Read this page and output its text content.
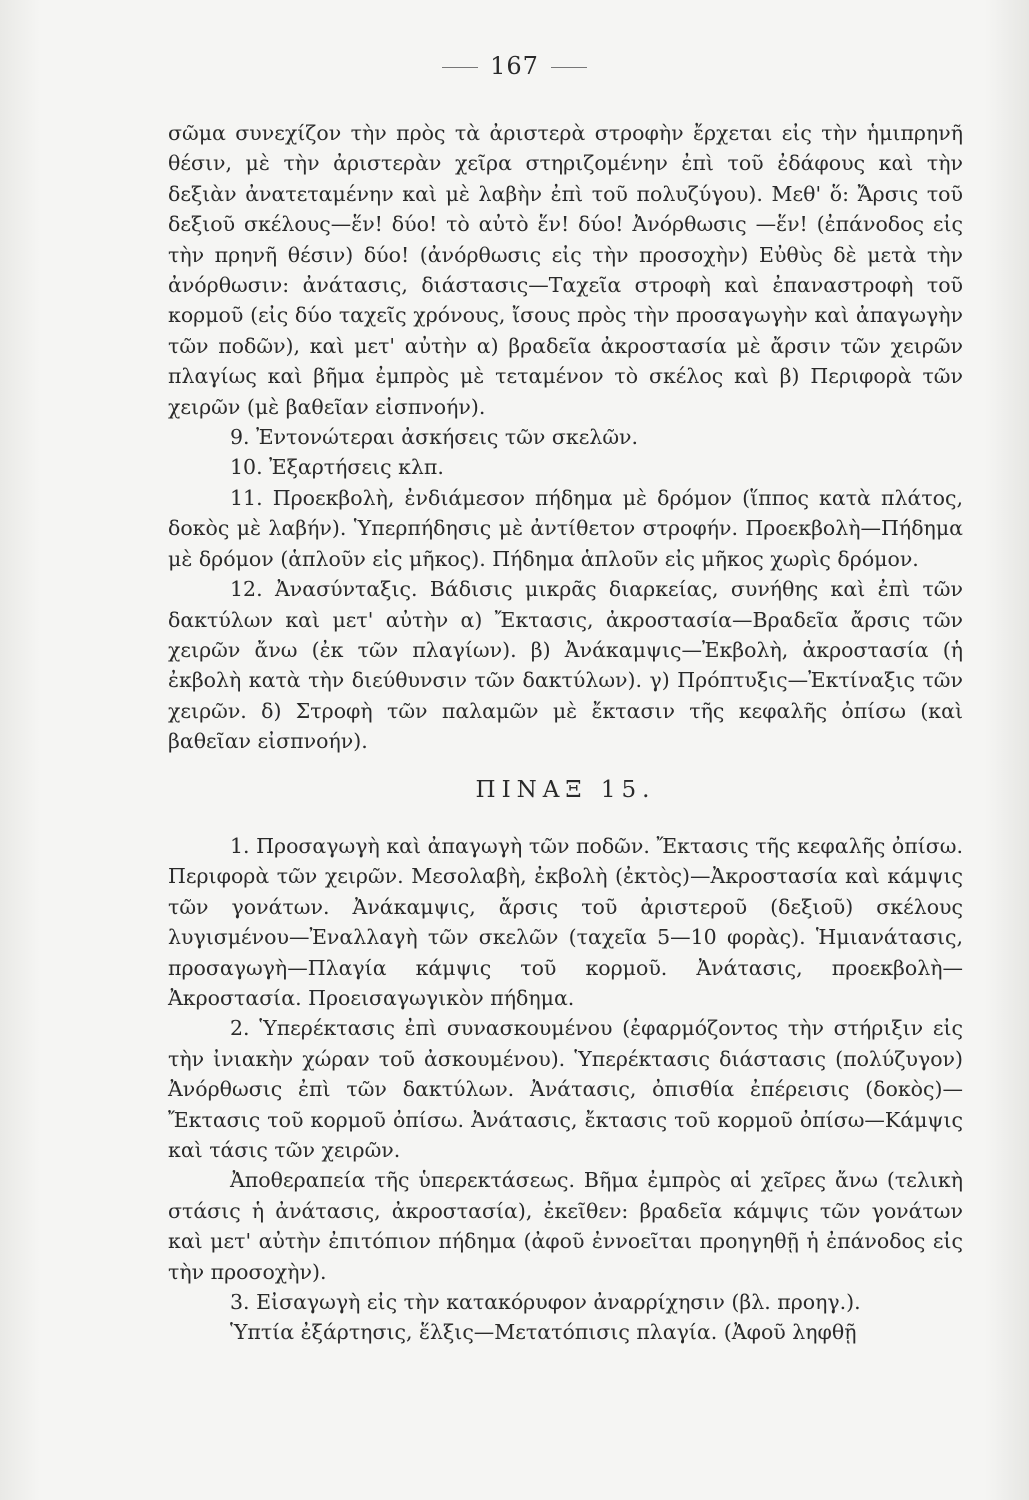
167

σῶμα συνεχίζον τὴν πρὸς τὰ ἀριστερὰ στροφὴν ἔρχεται εἰς τὴν ἡμιπρηνῆ θέσιν, μὲ τὴν ἀριστερὰν χεῖρα στηριζομένην ἐπὶ τοῦ ἐδάφους καὶ τὴν δεξιὰν ἀνατεταμένην καὶ μὲ λαβὴν ἐπὶ τοῦ πολυζύγου). Μεθ' ὅ: Ἄρσις τοῦ δεξιοῦ σκέλους—ἕν! δύο! τὸ αὐτὸ ἕν! δύο! Ἀνόρθωσις —ἕν! (ἐπάνοδος εἰς τὴν πρηνῆ θέσιν) δύο! (ἀνόρθωσις εἰς τὴν προσοχὴν) Εὐθὺς δὲ μετὰ τὴν ἀνόρθωσιν: ἀνάτασις, διάστασις—Ταχεῖα στροφὴ καὶ ἐπαναστροφὴ τοῦ κορμοῦ (εἰς δύο ταχεῖς χρόνους, ἴσους πρὸς τὴν προσαγωγὴν καὶ ἀπαγωγὴν τῶν ποδῶν), καὶ μετ' αὐτὴν α) βραδεῖα ἀκροστασία μὲ ἄρσιν τῶν χειρῶν πλαγίως καὶ βῆμα ἐμπρὸς μὲ τεταμένον τὸ σκέλος καὶ β) Περιφορὰ τῶν χειρῶν (μὲ βαθεῖαν εἰσπνοήν).

9. Ἐντονώτεραι ἀσκήσεις τῶν σκελῶν.

10. Ἐξαρτήσεις κλπ.

11. Προεκβολὴ, ἐνδιάμεσον πήδημα μὲ δρόμον (ἵππος κατὰ πλάτος, δοκὸς μὲ λαβήν). Ὑπερπήδησις μὲ ἀντίθετον στροφήν. Προεκβολὴ—Πήδημα μὲ δρόμον (ἁπλοῦν εἰς μῆκος). Πήδημα ἁπλοῦν εἰς μῆκος χωρὶς δρόμον.

12. Ἀνασύνταξις. Βάδισις μικρᾶς διαρκείας, συνήθης καὶ ἐπὶ τῶν δακτύλων καὶ μετ' αὐτὴν α) Ἔκτασις, ἀκροστασία—Βραδεῖα ἄρσις τῶν χειρῶν ἄνω (ἐκ τῶν πλαγίων). β) Ἀνάκαμψις—Ἐκβολὴ, ἀκροστασία (ἡ ἐκβολὴ κατὰ τὴν διεύθυνσιν τῶν δακτύλων). γ) Πρόπτυξις—Ἐκτίναξις τῶν χειρῶν. δ) Στροφὴ τῶν παλαμῶν μὲ ἔκτασιν τῆς κεφαλῆς ὀπίσω (καὶ βαθεῖαν εἰσπνοήν).

ΠΙΝΑΞ 15.

1. Προσαγωγὴ καὶ ἀπαγωγὴ τῶν ποδῶν. Ἔκτασις τῆς κεφαλῆς ὀπίσω. Περιφορὰ τῶν χειρῶν. Μεσολαβὴ, ἐκβολὴ (ἐκτὸς)—Ἀκροστασία καὶ κάμψις τῶν γονάτων. Ἀνάκαμψις, ἄρσις τοῦ ἀριστεροῦ (δεξιοῦ) σκέλους λυγισμένου—Ἐναλλαγὴ τῶν σκελῶν (ταχεῖα 5—10 φορὰς). Ἡμιανάτασις, προσαγωγὴ—Πλαγία κάμψις τοῦ κορμοῦ. Ἀνάτασις, προεκβολὴ—Ἀκροστασία. Προεισαγωγικὸν πήδημα.

2. Ὑπερέκτασις ἐπὶ συνασκουμένου (ἐφαρμόζοντος τὴν στήριξιν εἰς τὴν ἰνιακὴν χώραν τοῦ ἀσκουμένου). Ὑπερέκτασις διάστασις (πολύζυγον) Ἀνόρθωσις ἐπὶ τῶν δακτύλων. Ἀνάτασις, ὀπισθία ἐπέρεισις (δοκὸς)—Ἔκτασις τοῦ κορμοῦ ὀπίσω. Ἀνάτασις, ἔκτασις τοῦ κορμοῦ ὀπίσω—Κάμψις καὶ τάσις τῶν χειρῶν.

Ἀποθεραπεία τῆς ὑπερεκτάσεως. Βῆμα ἐμπρὸς αἱ χεῖρες ἄνω (τελικὴ στάσις ἡ ἀνάτασις, ἀκροστασία), ἐκεῖθεν: βραδεῖα κάμψις τῶν γονάτων καὶ μετ' αὐτὴν ἐπιτόπιον πήδημα (ἀφοῦ ἐννοεῖται προηγηθῇ ἡ ἐπάνοδος εἰς τὴν προσοχὴν).

3. Εἰσαγωγὴ εἰς τὴν κατακόρυφον ἀναρρίχησιν (βλ. προηγ.).

Ὑπτία ἐξάρτησις, ἕλξις—Μετατόπισις πλαγία. (Ἀφοῦ ληφθῇ
